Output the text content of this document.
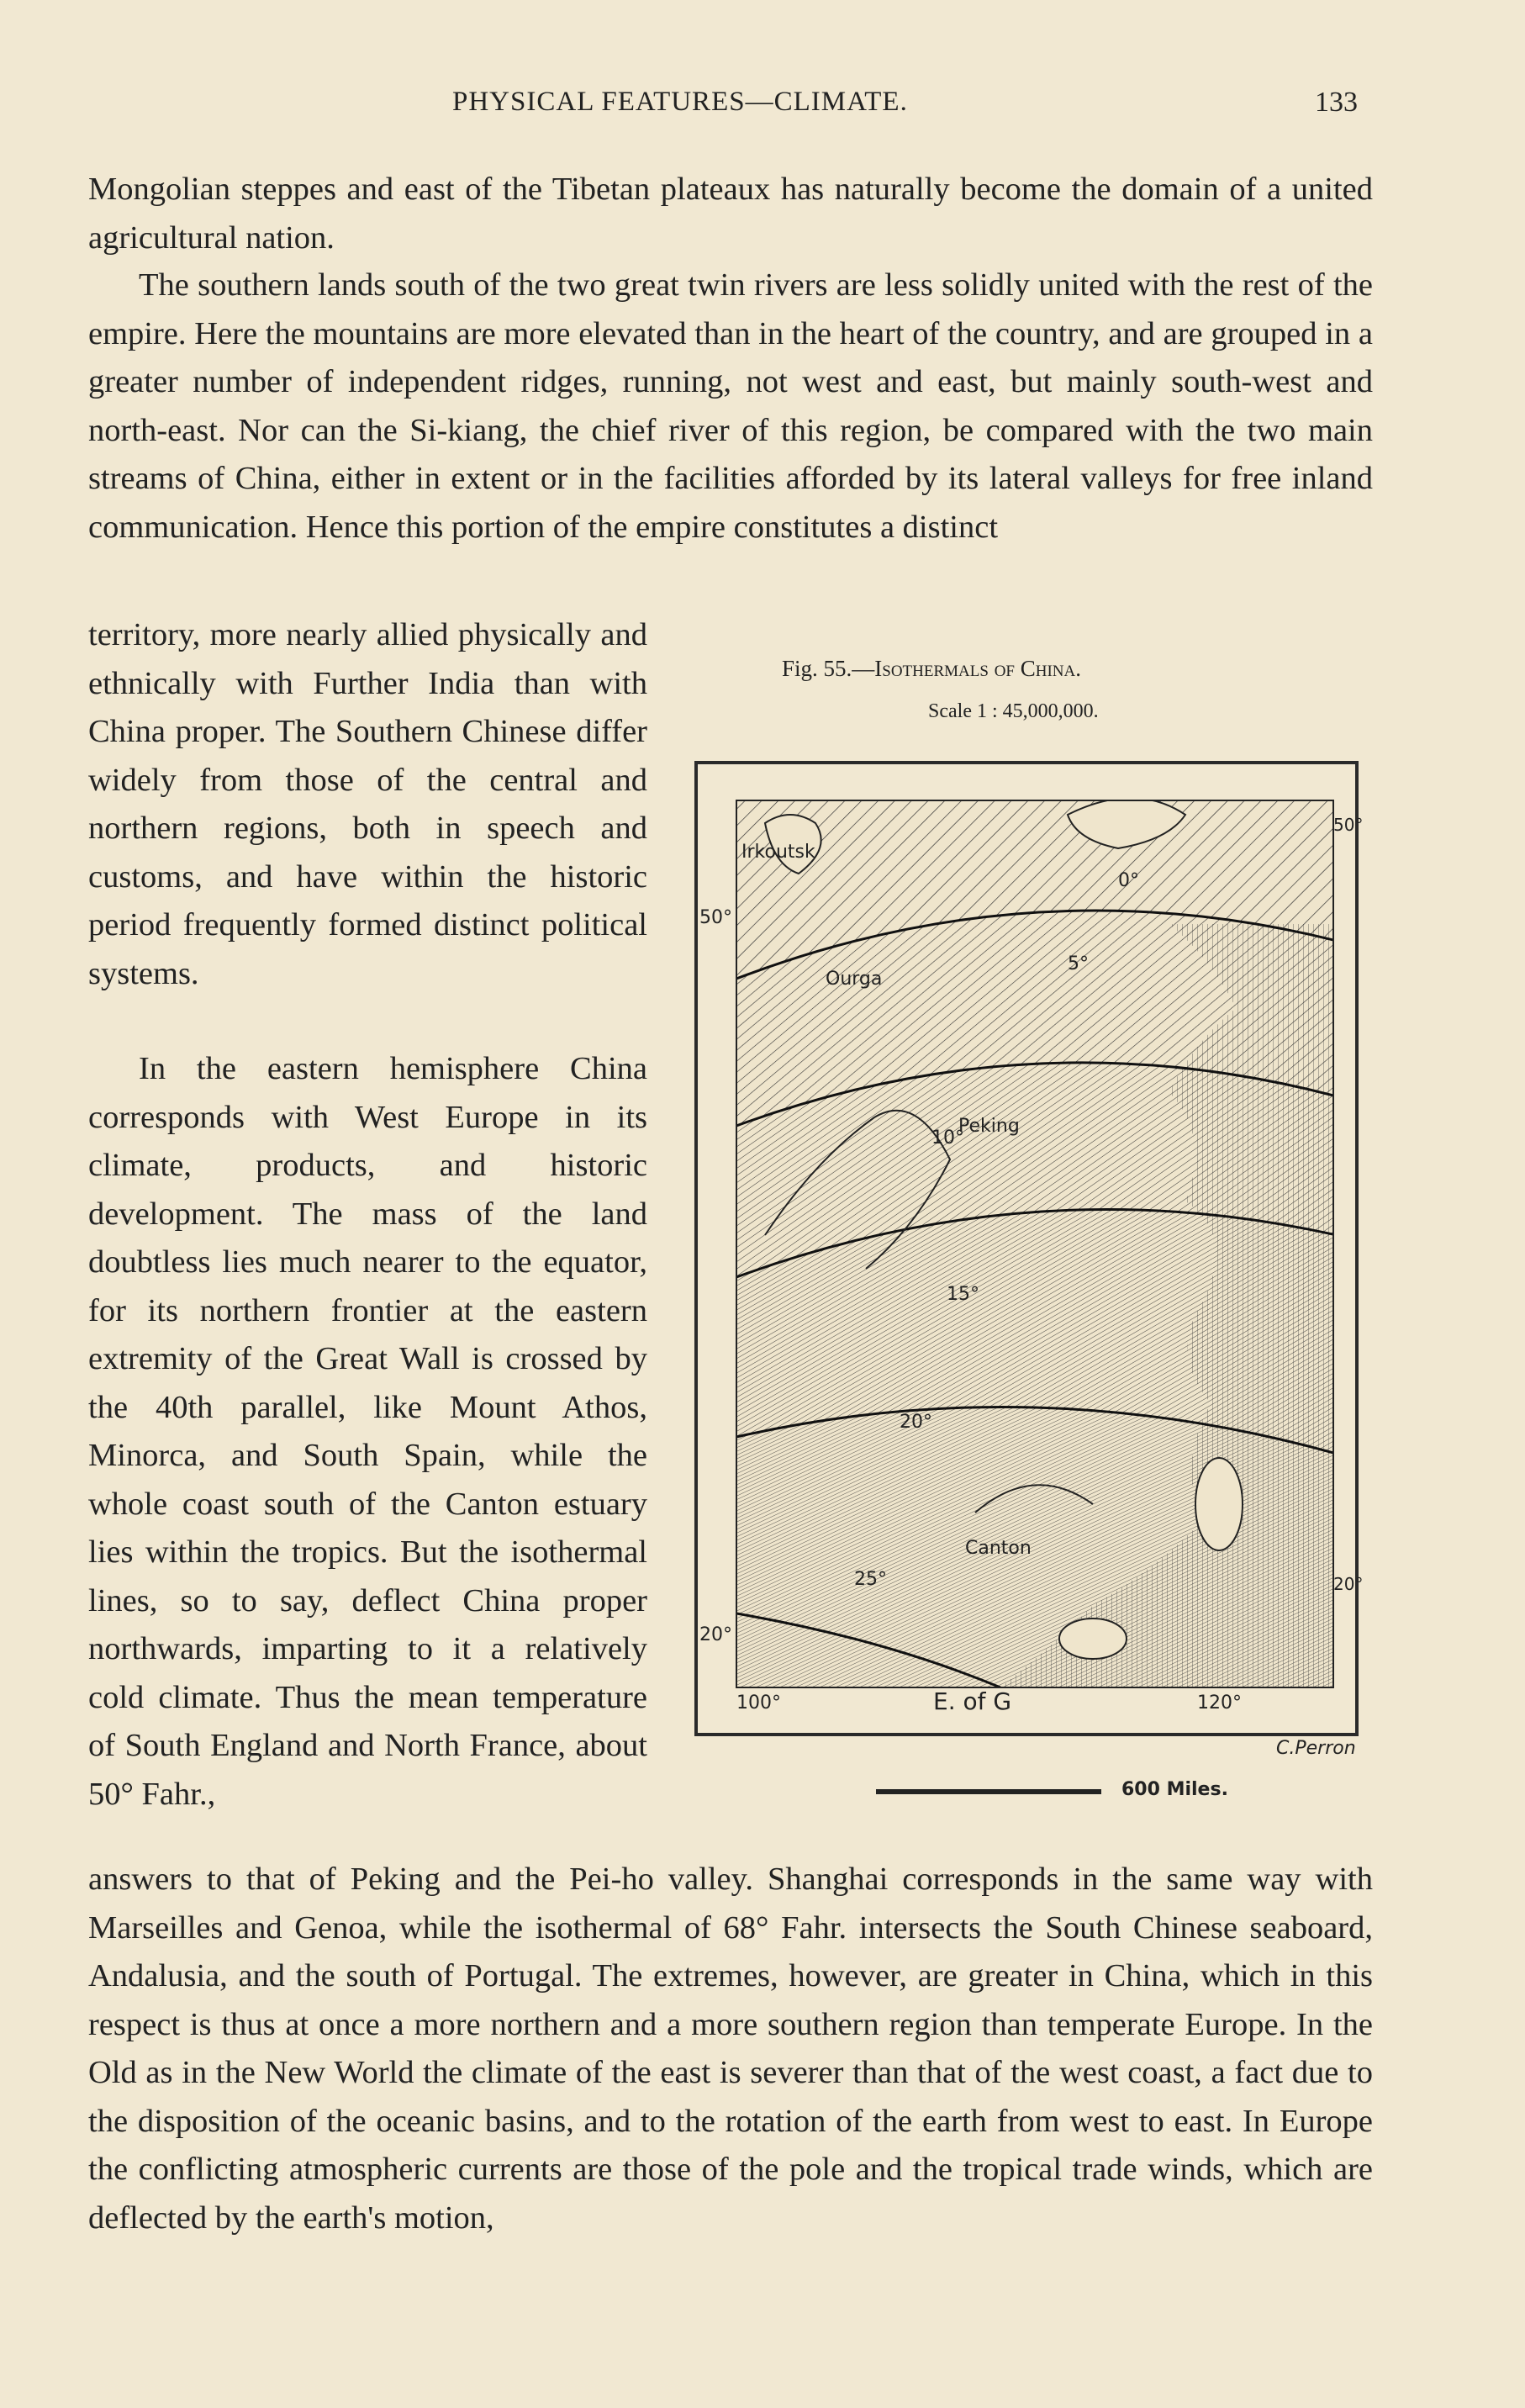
PHYSICAL FEATURES—CLIMATE.	133

Mongolian steppes and east of the Tibetan plateaux has naturally become the domain of a united agricultural nation.

The southern lands south of the two great twin rivers are less solidly united with the rest of the empire. Here the mountains are more elevated than in the heart of the country, and are grouped in a greater number of independent ridges, running, not west and east, but mainly south-west and north-east. Nor can the Si-kiang, the chief river of this region, be compared with the two main streams of China, either in extent or in the facilities afforded by its lateral valleys for free inland communication. Hence this portion of the empire constitutes a distinct

territory, more nearly allied physically and ethnically with Further India than with China proper. The Southern Chinese differ widely from those of the central and northern regions, both in speech and customs, and have within the historic period frequently formed distinct political systems.

In the eastern hemisphere China corresponds with West Europe in its climate, products, and historic development. The mass of the land doubtless lies much nearer to the equator, for its northern frontier at the eastern extremity of the Great Wall is crossed by the 40th parallel, like Mount Athos, Minorca, and South Spain, while the whole coast south of the Canton estuary lies within the tropics. But the isothermal lines, so to say, deflect China proper northwards, imparting to it a relatively cold climate. Thus the mean temperature of South England and North France, about 50° Fahr.,

Fig. 55.—Isothermals of China.
Scale 1 : 45,000,000.
Irkoutsk
Ourga
Peking
Canton
0°
5°
10°
15°
20°
25°
50°
50°
20°
20°
100°	E. of G	120°
C.Perron
600 Miles.

answers to that of Peking and the Pei-ho valley. Shanghai corresponds in the same way with Marseilles and Genoa, while the isothermal of 68° Fahr. intersects the South Chinese seaboard, Andalusia, and the south of Portugal. The extremes, however, are greater in China, which in this respect is thus at once a more northern and a more southern region than temperate Europe. In the Old as in the New World the climate of the east is severer than that of the west coast, a fact due to the disposition of the oceanic basins, and to the rotation of the earth from west to east. In Europe the conflicting atmospheric currents are those of the pole and the tropical trade winds, which are deflected by the earth's motion,
